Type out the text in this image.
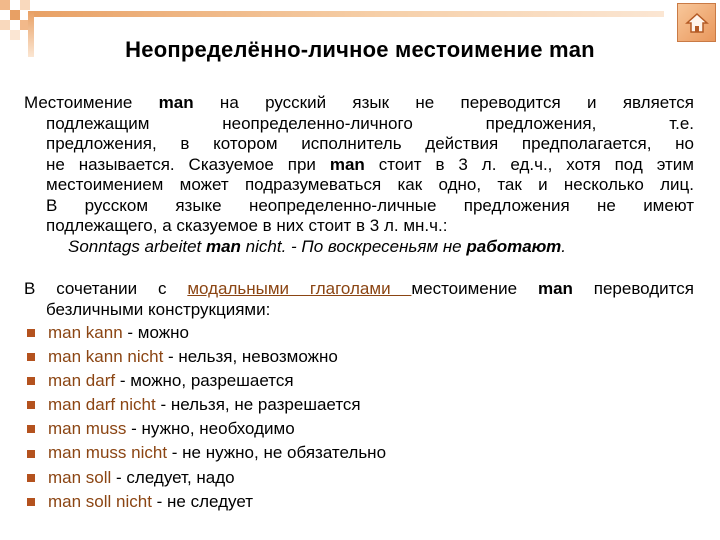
Неопределённо-личное местоимение man

Местоимение man на русский язык не переводится и является

подлежащим неопределенно-личного предложения, т.е.

предложения, в котором исполнитель действия предполагается, но

не называется. Сказуемое при man стоит в 3 л. ед.ч., хотя под этим

местоимением может подразумеваться как одно, так и несколько лиц.

В русском языке неопределенно-личные предложения не имеют

подлежащего, а сказуемое в них стоит в 3 л. мн.ч.:

Sonntags arbeitet man nicht. - По воскресеньям не работают.

В сочетании с модальными глаголами местоимение man переводится

безличными конструкциями:

man kann - можно
man kann nicht - нельзя, невозможно
man darf - можно, разрешается
man darf nicht - нельзя, не разрешается
man muss - нужно, необходимо
man muss nicht - не нужно, не обязательно
man soll - следует, надо
man soll nicht - не следует
